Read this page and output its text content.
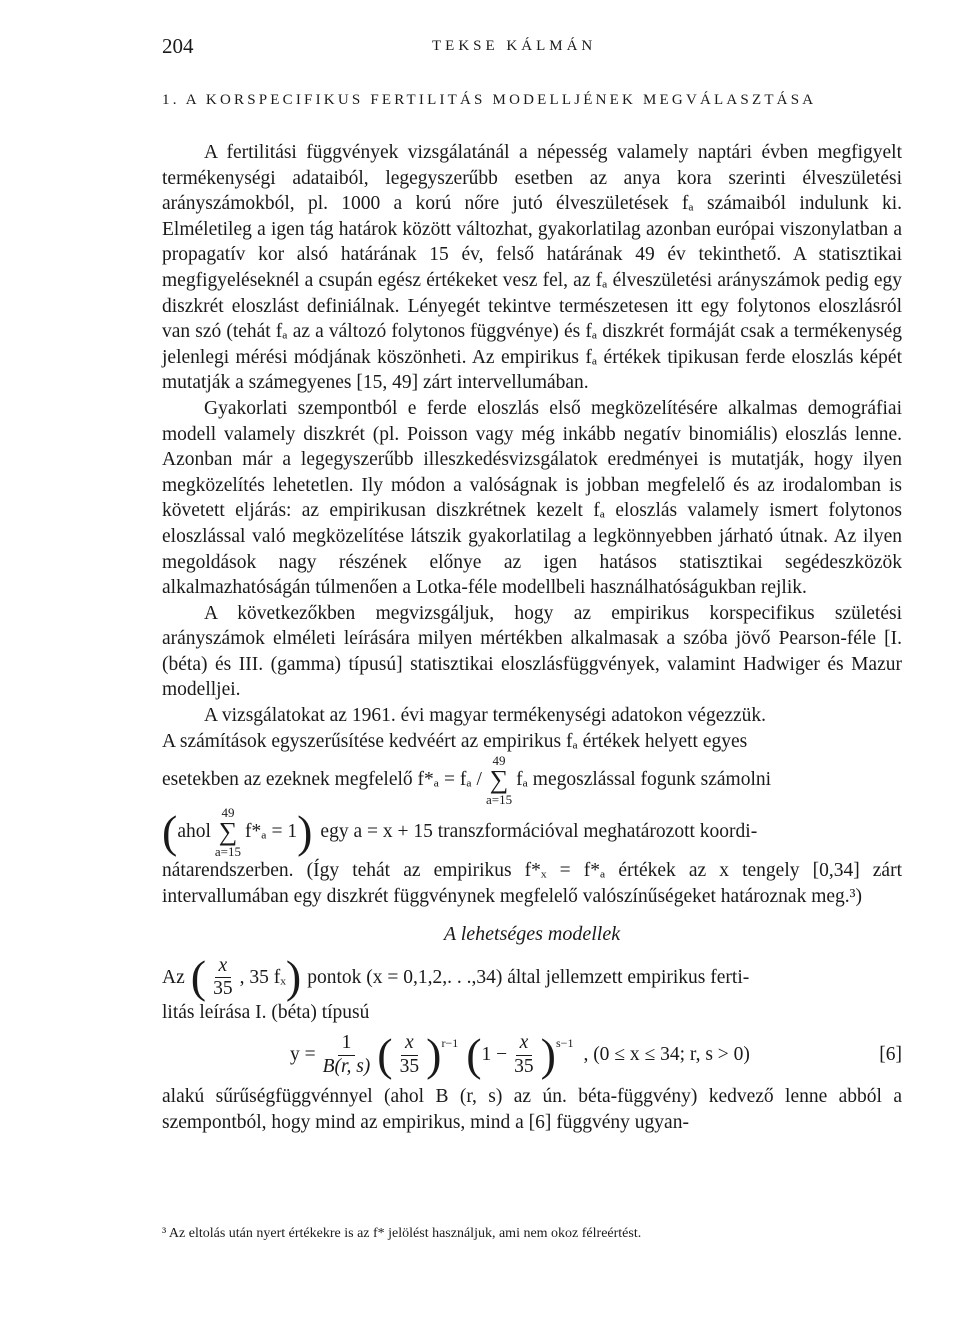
204	TEKSE KÁLMÁN
1. A KORSPECIFIKUS FERTILITÁS MODELLJÉNEK MEGVÁLASZTÁSA

A fertilitási függvények vizsgálatánál a népesség valamely naptári évben megfigyelt termékenységi adataiból, legegyszerűbb esetben az anya kora szerinti élveszületési arányszámokból, pl. 1000 a korú nőre jutó élveszületések fₐ számaiból indulunk ki. Elméletileg a igen tág határok között változhat, gyakorlatilag azonban európai viszonylatban a propagatív kor alsó határának 15 év, felső határának 49 év tekinthető. A statisztikai megfigyeléseknél a csupán egész értékeket vesz fel, az fₐ élveszületési arányszámok pedig egy diszkrét eloszlást definiálnak. Lényegét tekintve természetesen itt egy folytonos eloszlásról van szó (tehát fₐ az a változó folytonos függvénye) és fₐ diszkrét formáját csak a termékenység jelenlegi mérési módjának köszönheti. Az empirikus fₐ értékek tipikusan ferde eloszlás képét mutatják a számegyenes [15, 49] zárt intervellumában.

Gyakorlati szempontból e ferde eloszlás első megközelítésére alkalmas demográfiai modell valamely diszkrét (pl. Poisson vagy még inkább negatív binomiális) eloszlás lenne. Azonban már a legegyszerűbb illeszkedésvizsgálatok eredményei is mutatják, hogy ilyen megközelítés lehetetlen. Ily módon a valóságnak is jobban megfelelő és az irodalomban is követett eljárás: az empirikusan diszkrétnek kezelt fₐ eloszlás valamely ismert folytonos eloszlással való megközelítése látszik gyakorlatilag a legkönnyebben járható útnak. Az ilyen megoldások nagy részének előnye az igen hatásos statisztikai segédeszközök alkalmazhatóságán túlmenően a Lotka-féle modellbeli használhatóságukban rejlik.

A következőkben megvizsgáljuk, hogy az empirikus korspecifikus születési arányszámok elméleti leírására milyen mértékben alkalmasak a szóba jövő Pearson-féle [I. (béta) és III. (gamma) típusú] statisztikai eloszlásfüggvények, valamint Hadwiger és Mazur modelljei.

A vizsgálatokat az 1961. évi magyar termékenységi adatokon végezzük.

A számítások egyszerűsítése kedvéért az empirikus fₐ értékek helyett egyes

esetekben az ezeknek megfelelő f*ₐ = fₐ /
49
∑
a=15
fₐ megoszlással fogunk számolni
( ahol
49
∑
a=15
f*ₐ = 1 ) egy a = x + 15 transzformációval meghatározott koordi-

nátarendszerben. (Így tehát az empirikus f*ₓ = f*ₐ értékek az x tengely [0,34] zárt intervallumában egy diszkrét függvénynek megfelelő valószínűségeket határoznak meg.³)

A lehetséges modellek
Az ( $\frac{x}{35}$ , 35 fₓ ) pontok (x = 0,1,2,. . .,34) által jellemzett empirikus ferti-

litás leírása I. (béta) típusú

$y = \frac{1}{B(r, s)}$ ( $\frac{x}{35} )^{r-1}$ ( $1 - \frac{x}{35} )^{s-1}$
, (0 ≤ x ≤ 34; r, s > 0)	[6]

alakú sűrűségfüggvénnyel (ahol B (r, s) az ún. béta-függvény) kedvező lenne abból a szempontból, hogy mind az empirikus, mind a [6] függvény ugyan-

³ Az eltolás után nyert értékekre is az f* jelölést használjuk, ami nem okoz félreértést.
